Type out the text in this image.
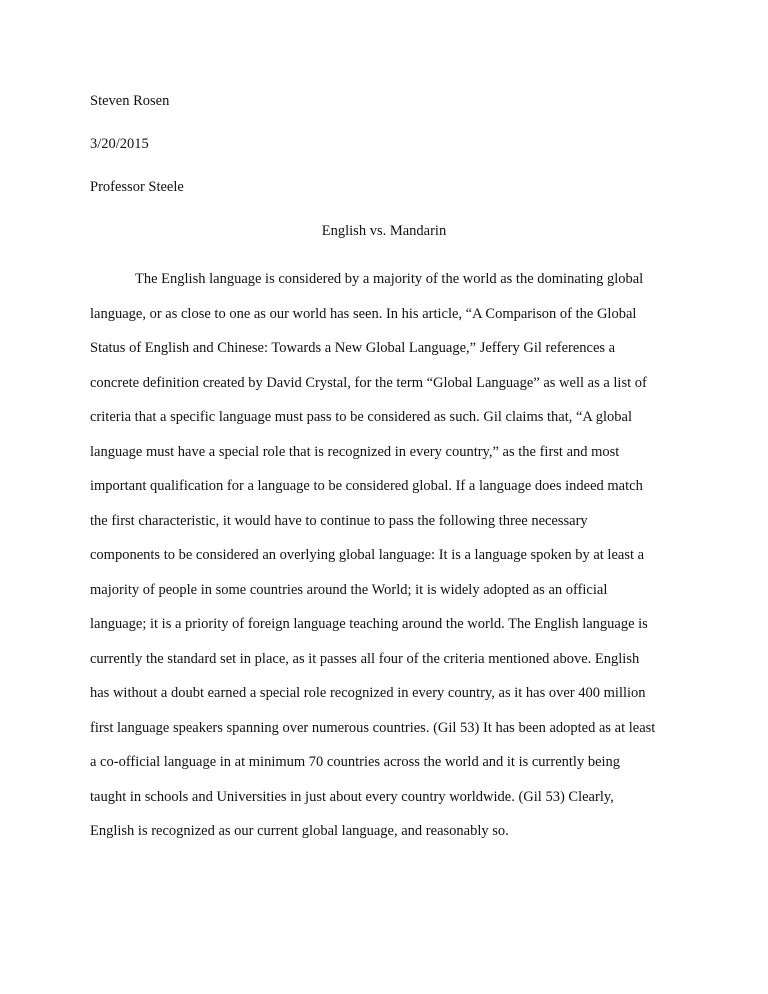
Steven Rosen
3/20/2015
Professor Steele
English vs. Mandarin
The English language is considered by a majority of the world as the dominating global
language, or as close to one as our world has seen. In his article, “A Comparison of the Global
Status of English and Chinese: Towards a New Global Language,” Jeffery Gil references a
concrete definition created by David Crystal, for the term “Global Language” as well as a list of
criteria that a specific language must pass to be considered as such. Gil claims that, “A global
language must have a special role that is recognized in every country,” as the first and most
important qualification for a language to be considered global. If a language does indeed match
the first characteristic, it would have to continue to pass the following three necessary
components to be considered an overlying global language: It is a language spoken by at least a
majority of people in some countries around the World; it is widely adopted as an official
language; it is a priority of foreign language teaching around the world. The English language is
currently the standard set in place, as it passes all four of the criteria mentioned above. English
has without a doubt earned a special role recognized in every country, as it has over 400 million
first language speakers spanning over numerous countries. (Gil 53) It has been adopted as at least
a co-official language in at minimum 70 countries across the world and it is currently being
taught in schools and Universities in just about every country worldwide. (Gil 53) Clearly,
English is recognized as our current global language, and reasonably so.
